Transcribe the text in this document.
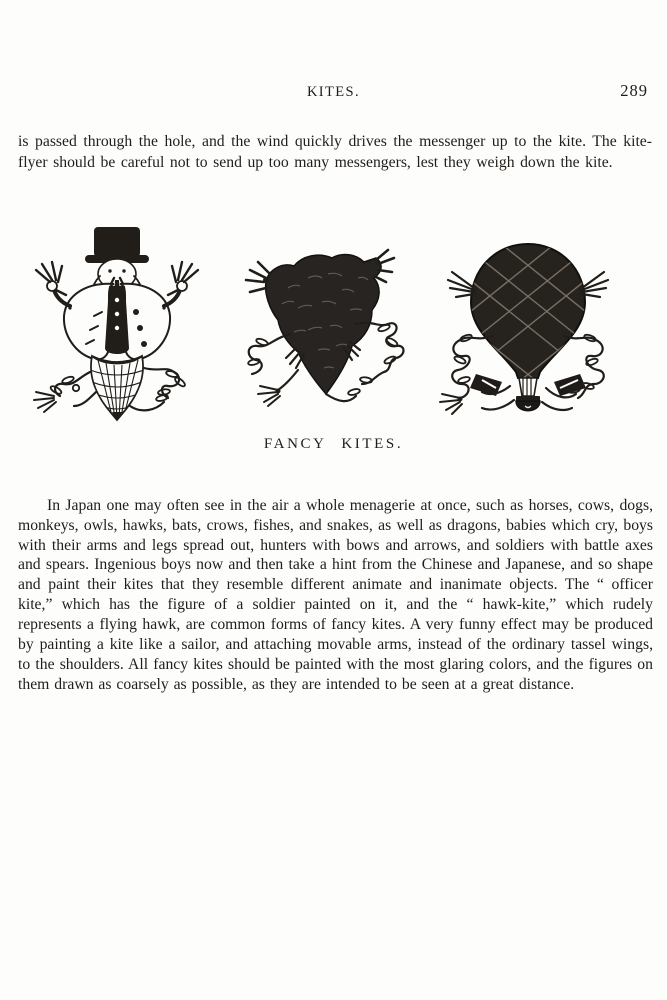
KITES.	289

is passed through the hole, and the wind quickly drives the messenger up to the kite. The kite-flyer should be careful not to send up too many messengers, lest they weigh down the kite.

FANCY KITES.

In Japan one may often see in the air a whole menagerie at once, such as horses, cows, dogs, monkeys, owls, hawks, bats, crows, fishes, and snakes, as well as dragons, babies which cry, boys with their arms and legs spread out, hunters with bows and arrows, and soldiers with battle axes and spears. Ingenious boys now and then take a hint from the Chinese and Japanese, and so shape and paint their kites that they resemble different animate and inanimate objects. The “ officer kite,” which has the figure of a soldier painted on it, and the “ hawk-kite,” which rudely represents a flying hawk, are common forms of fancy kites. A very funny effect may be produced by painting a kite like a sailor, and attaching movable arms, instead of the ordinary tassel wings, to the shoulders. All fancy kites should be painted with the most glaring colors, and the figures on them drawn as coarsely as possible, as they are intended to be seen at a great distance.
